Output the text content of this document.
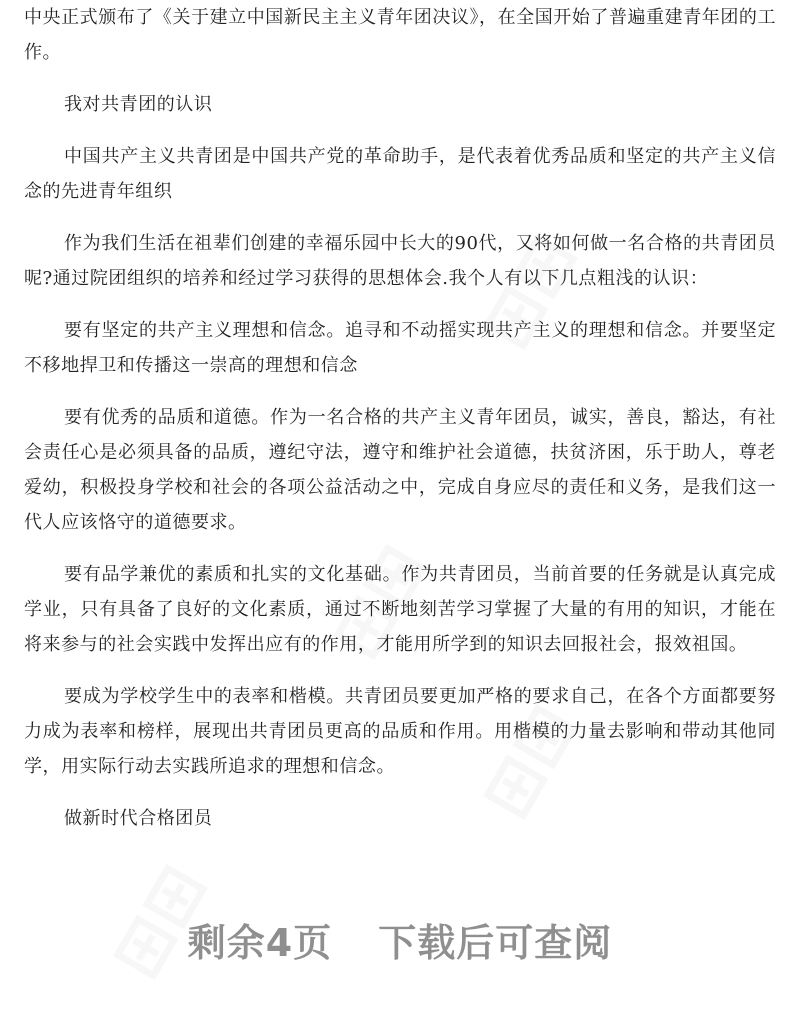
⊞⊞
⊞⊞
⊞⊞
⊞⊞

中央正式颁布了《关于建立中国新民主主义青年团决议》，在全国开始了普遍重建青年团的工作。

我对共青团的认识

中国共产主义共青团是中国共产党的革命助手，是代表着优秀品质和坚定的共产主义信念的先进青年组织

作为我们生活在祖辈们创建的幸福乐园中长大的90代，又将如何做一名合格的共青团员呢?通过院团组织的培养和经过学习获得的思想体会.我个人有以下几点粗浅的认识：

要有坚定的共产主义理想和信念。追寻和不动摇实现共产主义的理想和信念。并要坚定不移地捍卫和传播这一崇高的理想和信念

要有优秀的品质和道德。作为一名合格的共产主义青年团员，诚实，善良，豁达，有社会责任心是必须具备的品质，遵纪守法，遵守和维护社会道德，扶贫济困，乐于助人，尊老爱幼，积极投身学校和社会的各项公益活动之中，完成自身应尽的责任和义务，是我们这一代人应该恪守的道德要求。

要有品学兼优的素质和扎实的文化基础。作为共青团员，当前首要的任务就是认真完成学业，只有具备了良好的文化素质，通过不断地刻苦学习掌握了大量的有用的知识，才能在将来参与的社会实践中发挥出应有的作用，才能用所学到的知识去回报社会，报效祖国。

要成为学校学生中的表率和楷模。共青团员要更加严格的要求自己，在各个方面都要努力成为表率和榜样，展现出共青团员更高的品质和作用。用楷模的力量去影响和带动其他同学，用实际行动去实践所追求的理想和信念。

做新时代合格团员

剩余4页 下载后可查阅
